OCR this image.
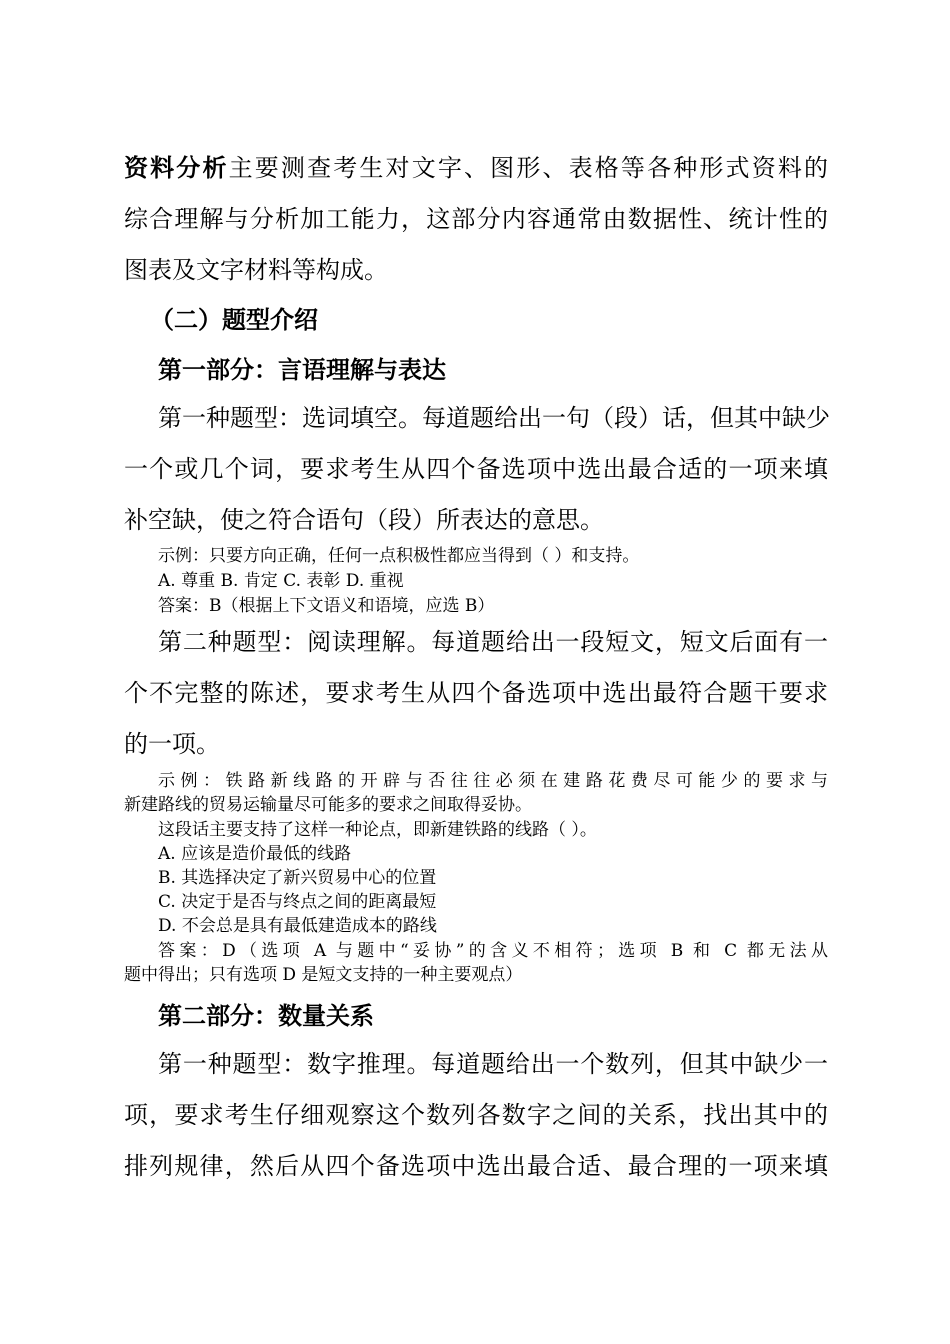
资料分析主要测查考生对文字、图形、表格等各种形式资料的

综合理解与分析加工能力，这部分内容通常由数据性、统计性的

图表及文字材料等构成。

（二）题型介绍

第一部分：言语理解与表达

第一种题型：选词填空。每道题给出一句（段）话，但其中缺少

一个或几个词，要求考生从四个备选项中选出最合适的一项来填

补空缺，使之符合语句（段）所表达的意思。

示例：只要方向正确，任何一点积极性都应当得到（ ）和支持。

A. 尊重 B. 肯定 C. 表彰 D. 重视

答案：B（根据上下文语义和语境，应选 B）

第二种题型：阅读理解。每道题给出一段短文，短文后面有一

个不完整的陈述，要求考生从四个备选项中选出最符合题干要求

的一项。

示例：铁路新线路的开辟与否往往必须在建路花费尽可能少的要求与

新建路线的贸易运输量尽可能多的要求之间取得妥协。

这段话主要支持了这样一种论点，即新建铁路的线路（ ）。

A. 应该是造价最低的线路

B. 其选择决定了新兴贸易中心的位置

C. 决定于是否与终点之间的距离最短

D. 不会总是具有最低建造成本的路线

答案：D（选项 A 与题中“妥协”的含义不相符；选项 B 和 C 都无法从

题中得出；只有选项 D 是短文支持的一种主要观点）

第二部分：数量关系

第一种题型：数字推理。每道题给出一个数列，但其中缺少一

项，要求考生仔细观察这个数列各数字之间的关系，找出其中的

排列规律，然后从四个备选项中选出最合适、最合理的一项来填
